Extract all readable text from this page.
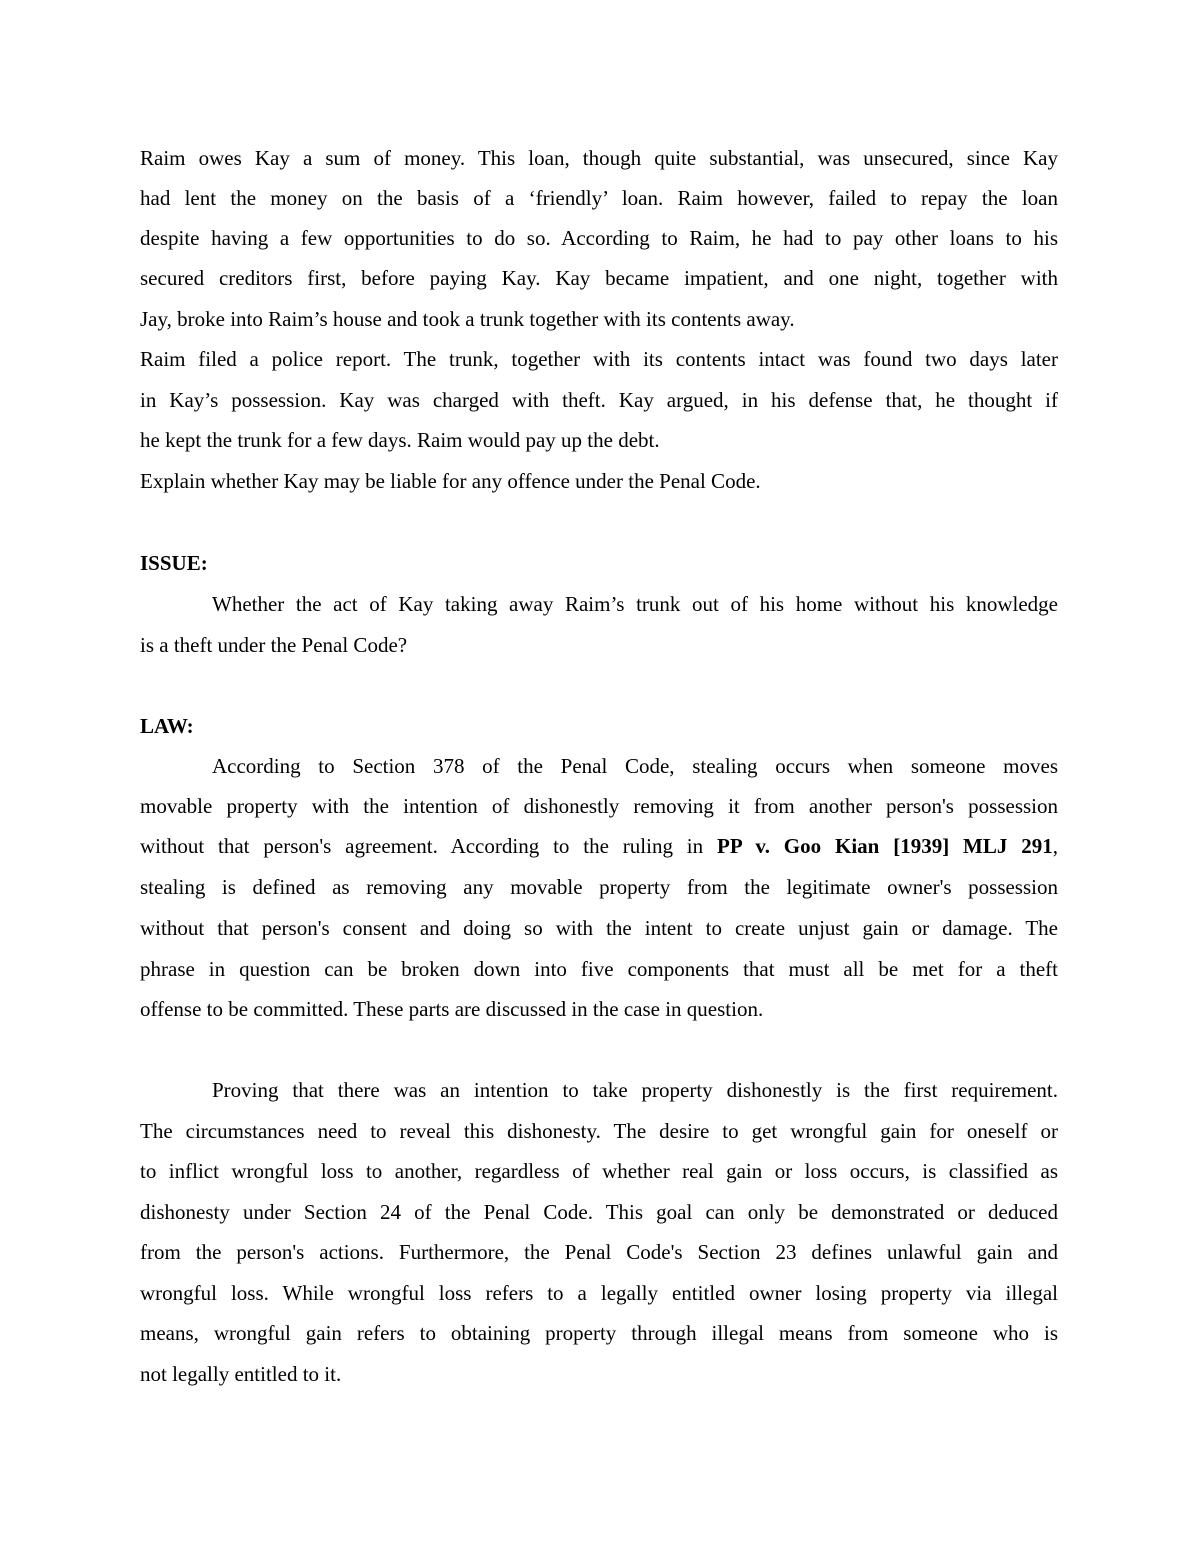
Raim owes Kay a sum of money. This loan, though quite substantial, was unsecured, since Kay
had lent the money on the basis of a ‘friendly’ loan. Raim however, failed to repay the loan
despite having a few opportunities to do so. According to Raim, he had to pay other loans to his
secured creditors first, before paying Kay. Kay became impatient, and one night, together with
Jay, broke into Raim’s house and took a trunk together with its contents away.
Raim filed a police report. The trunk, together with its contents intact was found two days later
in Kay’s possession. Kay was charged with theft. Kay argued, in his defense that, he thought if
he kept the trunk for a few days. Raim would pay up the debt.
Explain whether Kay may be liable for any offence under the Penal Code.
ISSUE:
Whether the act of Kay taking away Raim’s trunk out of his home without his knowledge
is a theft under the Penal Code?
LAW:
According to Section 378 of the Penal Code, stealing occurs when someone moves
movable property with the intention of dishonestly removing it from another person's possession
without that person's agreement. According to the ruling in PP v. Goo Kian [1939] MLJ 291,
stealing is defined as removing any movable property from the legitimate owner's possession
without that person's consent and doing so with the intent to create unjust gain or damage. The
phrase in question can be broken down into five components that must all be met for a theft
offense to be committed. These parts are discussed in the case in question.
Proving that there was an intention to take property dishonestly is the first requirement.
The circumstances need to reveal this dishonesty. The desire to get wrongful gain for oneself or
to inflict wrongful loss to another, regardless of whether real gain or loss occurs, is classified as
dishonesty under Section 24 of the Penal Code. This goal can only be demonstrated or deduced
from the person's actions. Furthermore, the Penal Code's Section 23 defines unlawful gain and
wrongful loss. While wrongful loss refers to a legally entitled owner losing property via illegal
means, wrongful gain refers to obtaining property through illegal means from someone who is
not legally entitled to it.
